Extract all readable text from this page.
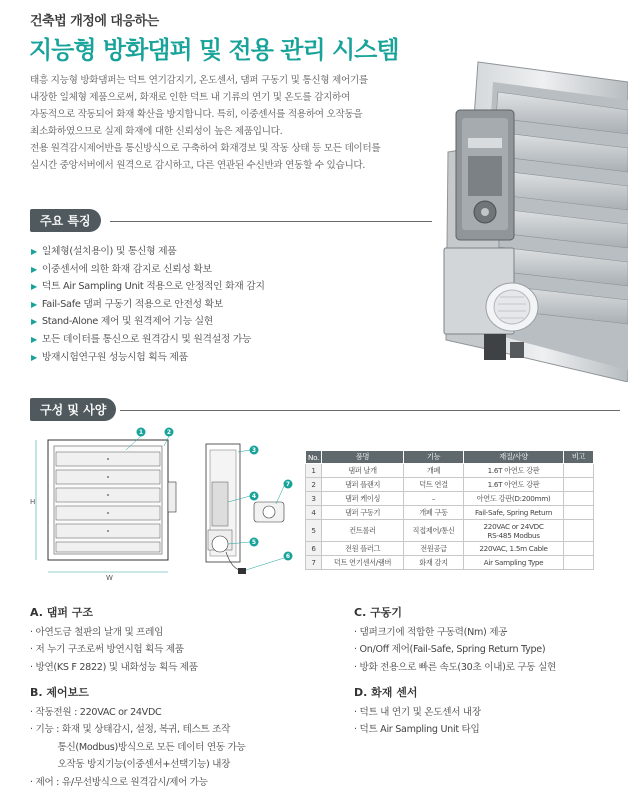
건축법 개정에 대응하는
지능형 방화댐퍼 및 전용 관리 시스템
태흥 지능형 방화댐퍼는 덕트 연기감지기, 온도센서, 댐퍼 구동기 및 통신형 제어기를
내장한 일체형 제품으로써, 화재로 인한 덕트 내 기류의 연기 및 온도를 감지하여
자동적으로 작동되어 화재 확산을 방지합니다. 특히, 이중센서를 적용하여 오작동을
최소화하였으므로 실제 화재에 대한 신뢰성이 높은 제품입니다.
전용 원격감시제어반을 통신방식으로 구축하여 화재경보 및 작동 상태 등 모든 데이터를
실시간 중앙서버에서 원격으로 감시하고, 다른 연관된 수신반과 연동할 수 있습니다.
주요 특징
▶ 일체형(설치용이) 및 통신형 제품
▶ 이중센서에 의한 화재 감지로 신뢰성 확보
▶ 덕트 Air Sampling Unit 적용으로 안정적인 화재 감지
▶ Fail-Safe 댐퍼 구동기 적용으로 안전성 확보
▶ Stand-Alone 제어 및 원격제어 기능 실현
▶ 모든 데이터를 통신으로 원격감시 및 원격설정 가능
▶ 방재시험연구원 성능시험 획득 제품
구성 및 사양
H
W
1	2
3
4
5
6
7
No.	품명	기능	재질/사양	비고
1	댐퍼 날개	개폐	1.6T 아연도 강판	
2	댐퍼 플랜지	덕트 연결	1.6T 아연도 강판	
3	댐퍼 케이싱	–	아연도 강판(D:200mm)	
4	댐퍼 구동기	개폐 구동	Fail-Safe, Spring Return	
5	컨트롤러	직접제어/통신	220VAC or 24VDC
RS-485 Modbus	
6	전원 플러그	전원공급	220VAC, 1.5m Cable	
7	덕트 연기센서/램버	화재 감지	Air Sampling Type	
A. 댐퍼 구조
· 아연도금 철판의 날개 및 프레임
· 저 누기 구조로써 방연시험 획득 제품
· 방연(KS F 2822) 및 내화성능 획득 제품
B. 제어보드
· 작동전원 : 220VAC or 24VDC
· 기능 : 화재 및 상태감시, 설정, 복귀, 테스트 조작
통신(Modbus)방식으로 모든 데이터 연동 가능
오작동 방지기능(이중센서+선택기능) 내장
· 제어 : 유/무선방식으로 원격감시/제어 가능
C. 구동기
· 댐퍼크기에 적합한 구동력(Nm) 제공
· On/Off 제어(Fail-Safe, Spring Return Type)
· 방화 전용으로 빠른 속도(30초 이내)로 구동 실현
D. 화재 센서
· 덕트 내 연기 및 온도센서 내장
· 덕트 Air Sampling Unit 타입
